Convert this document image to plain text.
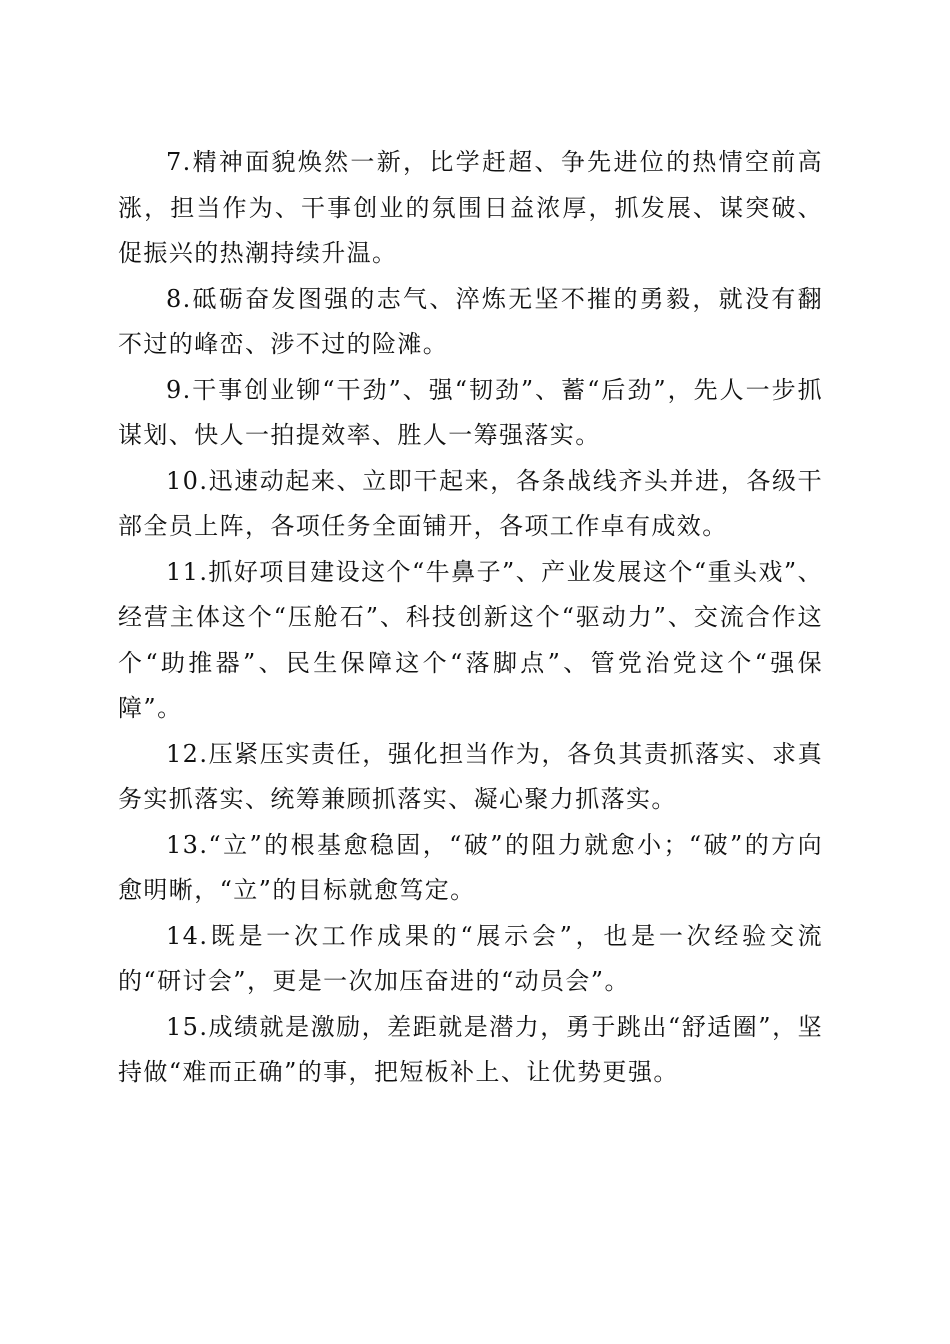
7.精神面貌焕然一新，比学赶超、争先进位的热情空前高涨，担当作为、干事创业的氛围日益浓厚，抓发展、谋突破、促振兴的热潮持续升温。

8.砥砺奋发图强的志气、淬炼无坚不摧的勇毅，就没有翻不过的峰峦、涉不过的险滩。

9.干事创业铆“干劲”、强“韧劲”、蓄“后劲”，先人一步抓谋划、快人一拍提效率、胜人一筹强落实。

10.迅速动起来、立即干起来，各条战线齐头并进，各级干部全员上阵，各项任务全面铺开，各项工作卓有成效。

11.抓好项目建设这个“牛鼻子”、产业发展这个“重头戏”、经营主体这个“压舱石”、科技创新这个“驱动力”、交流合作这个“助推器”、民生保障这个“落脚点”、管党治党这个“强保障”。

12.压紧压实责任，强化担当作为，各负其责抓落实、求真务实抓落实、统筹兼顾抓落实、凝心聚力抓落实。

13.“立”的根基愈稳固，“破”的阻力就愈小；“破”的方向愈明晰，“立”的目标就愈笃定。

14.既是一次工作成果的“展示会”，也是一次经验交流的“研讨会”，更是一次加压奋进的“动员会”。

15.成绩就是激励，差距就是潜力，勇于跳出“舒适圈”，坚持做“难而正确”的事，把短板补上、让优势更强。
